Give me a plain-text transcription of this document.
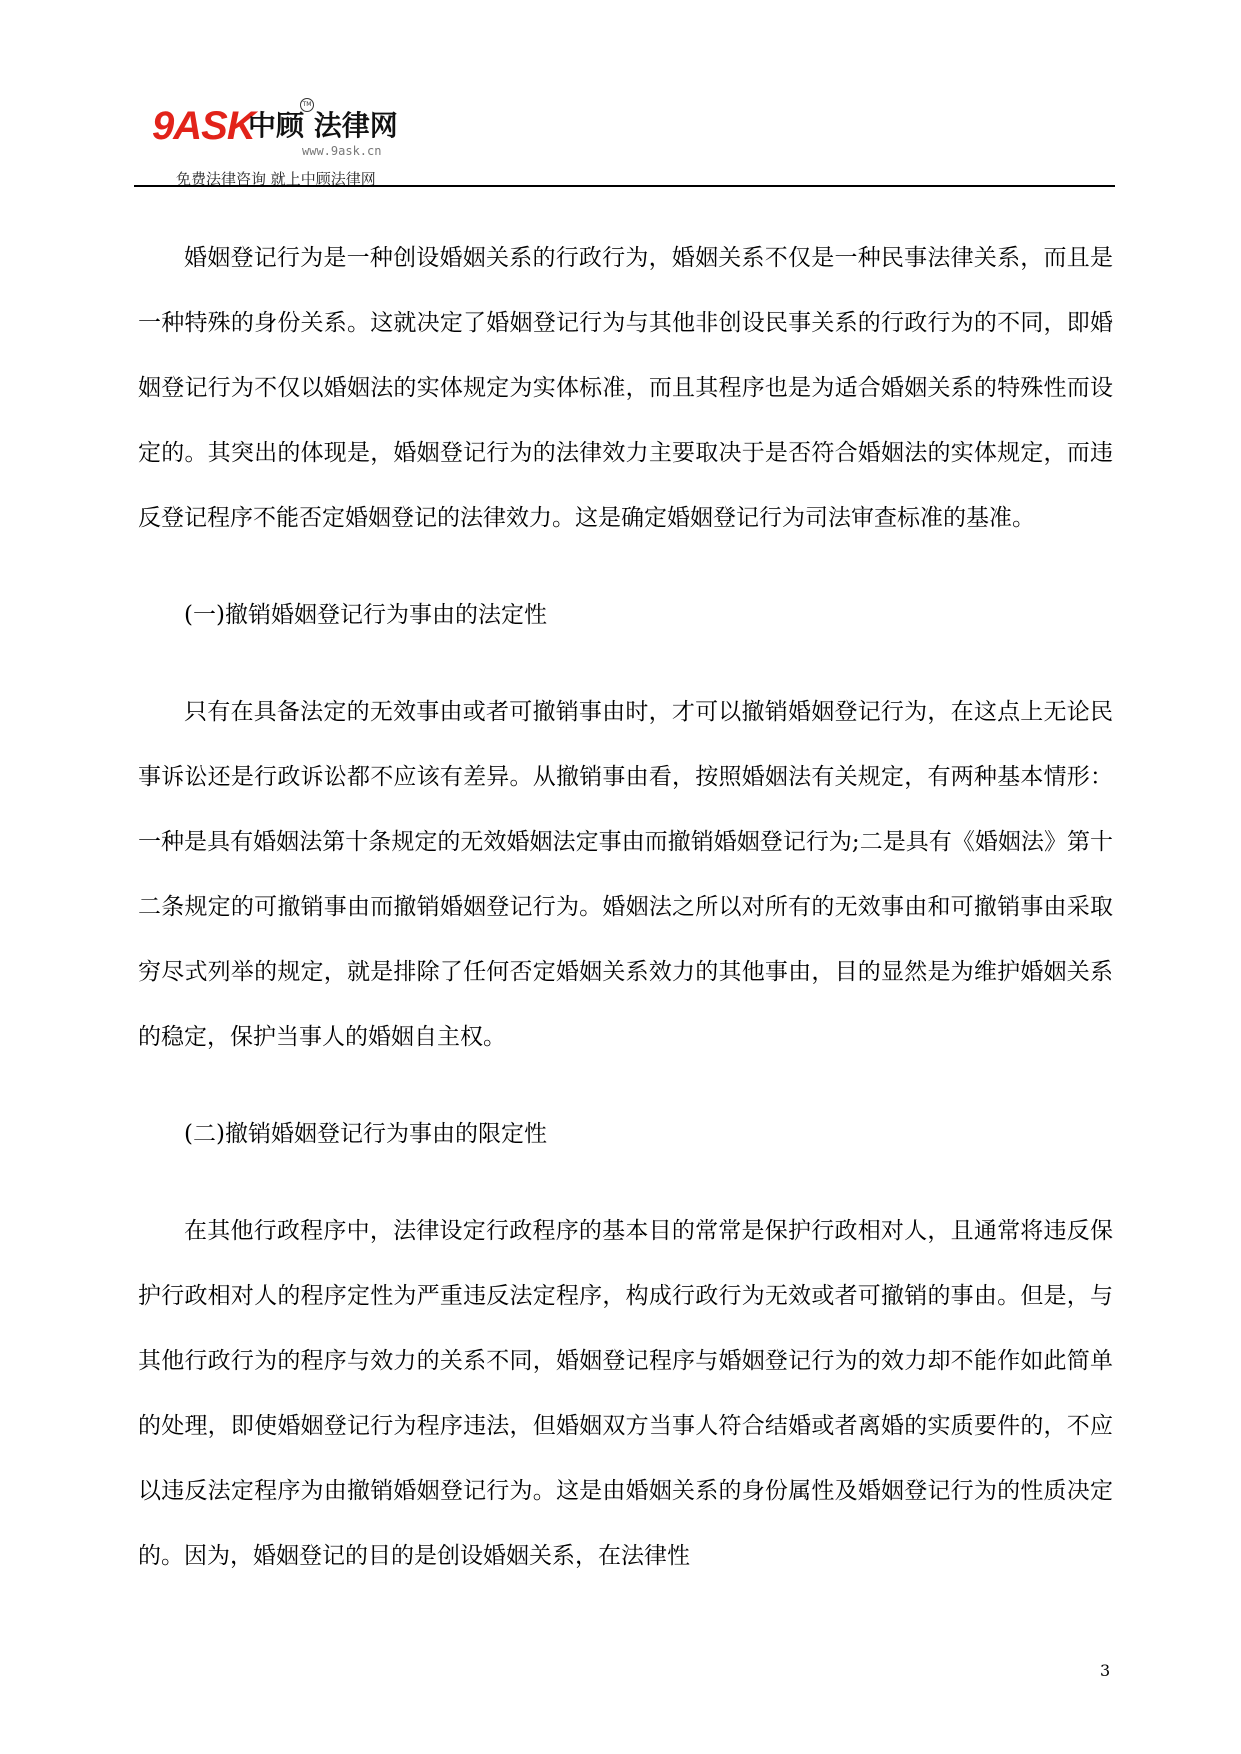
9ASK
中顾 法律网
TM
www.9ask.cn
免费法律咨询 就上中顾法律网

婚姻登记行为是一种创设婚姻关系的行政行为，婚姻关系不仅是一种民事法律关系，而且是一种特殊的身份关系。这就决定了婚姻登记行为与其他非创设民事关系的行政行为的不同，即婚姻登记行为不仅以婚姻法的实体规定为实体标准，而且其程序也是为适合婚姻关系的特殊性而设定的。其突出的体现是，婚姻登记行为的法律效力主要取决于是否符合婚姻法的实体规定，而违反登记程序不能否定婚姻登记的法律效力。这是确定婚姻登记行为司法审查标准的基准。

(一)撤销婚姻登记行为事由的法定性

只有在具备法定的无效事由或者可撤销事由时，才可以撤销婚姻登记行为，在这点上无论民事诉讼还是行政诉讼都不应该有差异。从撤销事由看，按照婚姻法有关规定，有两种基本情形：一种是具有婚姻法第十条规定的无效婚姻法定事由而撤销婚姻登记行为;二是具有《婚姻法》第十二条规定的可撤销事由而撤销婚姻登记行为。婚姻法之所以对所有的无效事由和可撤销事由采取穷尽式列举的规定，就是排除了任何否定婚姻关系效力的其他事由，目的显然是为维护婚姻关系的稳定，保护当事人的婚姻自主权。

(二)撤销婚姻登记行为事由的限定性

在其他行政程序中，法律设定行政程序的基本目的常常是保护行政相对人，且通常将违反保护行政相对人的程序定性为严重违反法定程序，构成行政行为无效或者可撤销的事由。但是，与其他行政行为的程序与效力的关系不同，婚姻登记程序与婚姻登记行为的效力却不能作如此简单的处理，即使婚姻登记行为程序违法，但婚姻双方当事人符合结婚或者离婚的实质要件的，不应以违反法定程序为由撤销婚姻登记行为。这是由婚姻关系的身份属性及婚姻登记行为的性质决定的。因为，婚姻登记的目的是创设婚姻关系，在法律性

3
